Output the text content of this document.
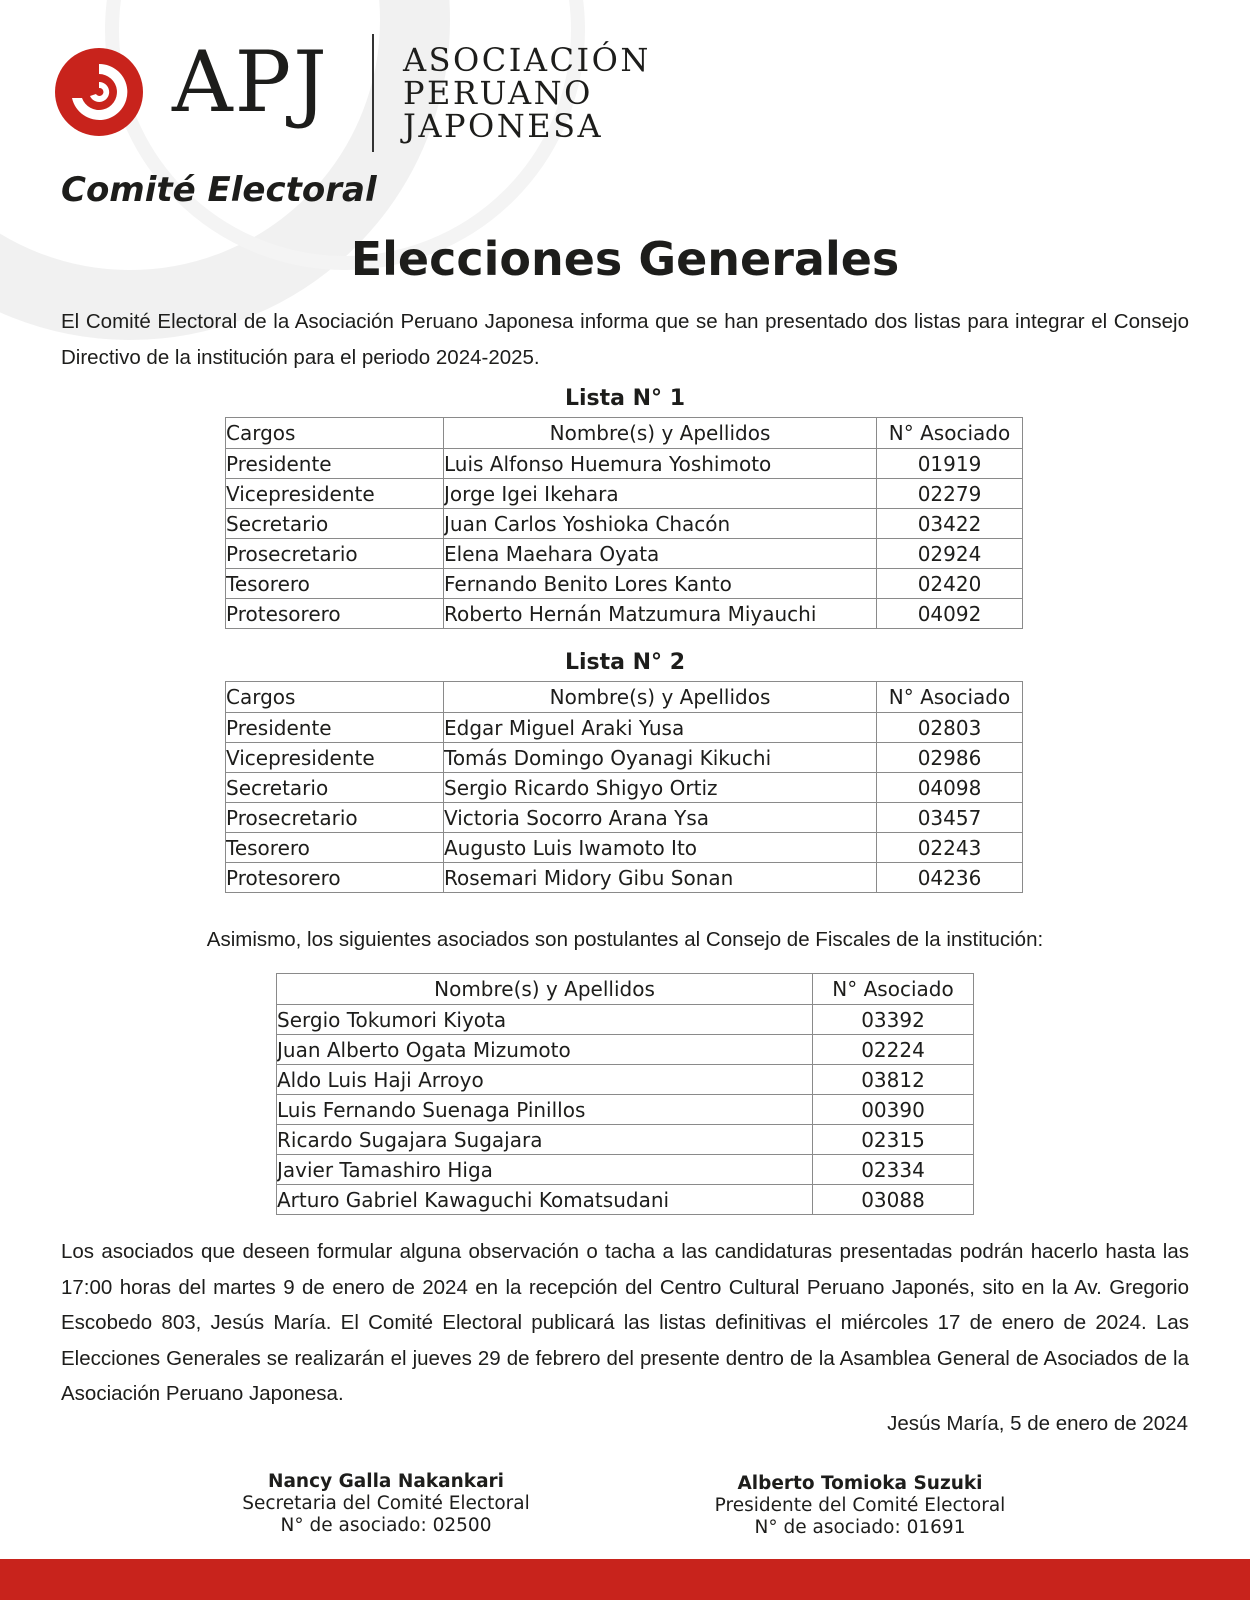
APJ ASOCIACIÓN
PERUANO
JAPONESA
Comité Electoral
Elecciones Generales
El Comité Electoral de la Asociación Peruano Japonesa informa que se han presentado dos listas para integrar el Consejo Directivo de la institución para el periodo 2024-2025.
Lista N° 1
Cargos	Nombre(s) y Apellidos	N° Asociado
Presidente	Luis Alfonso Huemura Yoshimoto	01919
Vicepresidente	Jorge Igei Ikehara	02279
Secretario	Juan Carlos Yoshioka Chacón	03422
Prosecretario	Elena Maehara Oyata	02924
Tesorero	Fernando Benito Lores Kanto	02420
Protesorero	Roberto Hernán Matzumura Miyauchi	04092
Lista N° 2
Cargos	Nombre(s) y Apellidos	N° Asociado
Presidente	Edgar Miguel Araki Yusa	02803
Vicepresidente	Tomás Domingo Oyanagi Kikuchi	02986
Secretario	Sergio Ricardo Shigyo Ortiz	04098
Prosecretario	Victoria Socorro Arana Ysa	03457
Tesorero	Augusto Luis Iwamoto Ito	02243
Protesorero	Rosemari Midory Gibu Sonan	04236
Asimismo, los siguientes asociados son postulantes al Consejo de Fiscales de la institución:
Nombre(s) y Apellidos	N° Asociado
Sergio Tokumori Kiyota	03392
Juan Alberto Ogata Mizumoto	02224
Aldo Luis Haji Arroyo	03812
Luis Fernando Suenaga Pinillos	00390
Ricardo Sugajara Sugajara	02315
Javier Tamashiro Higa	02334
Arturo Gabriel Kawaguchi Komatsudani	03088
Los asociados que deseen formular alguna observación o tacha a las candidaturas presentadas podrán hacerlo hasta las 17:00 horas del martes 9 de enero de 2024 en la recepción del Centro Cultural Peruano Japonés, sito en la Av. Gregorio Escobedo 803, Jesús María. El Comité Electoral publicará las listas definitivas el miércoles 17 de enero de 2024. Las Elecciones Generales se realizarán el jueves 29 de febrero del presente dentro de la Asamblea General de Asociados de la Asociación Peruano Japonesa.
Jesús María, 5 de enero de 2024
Nancy Galla Nakankari
Secretaria del Comité Electoral
N° de asociado: 02500
Alberto Tomioka Suzuki
Presidente del Comité Electoral
N° de asociado: 01691
